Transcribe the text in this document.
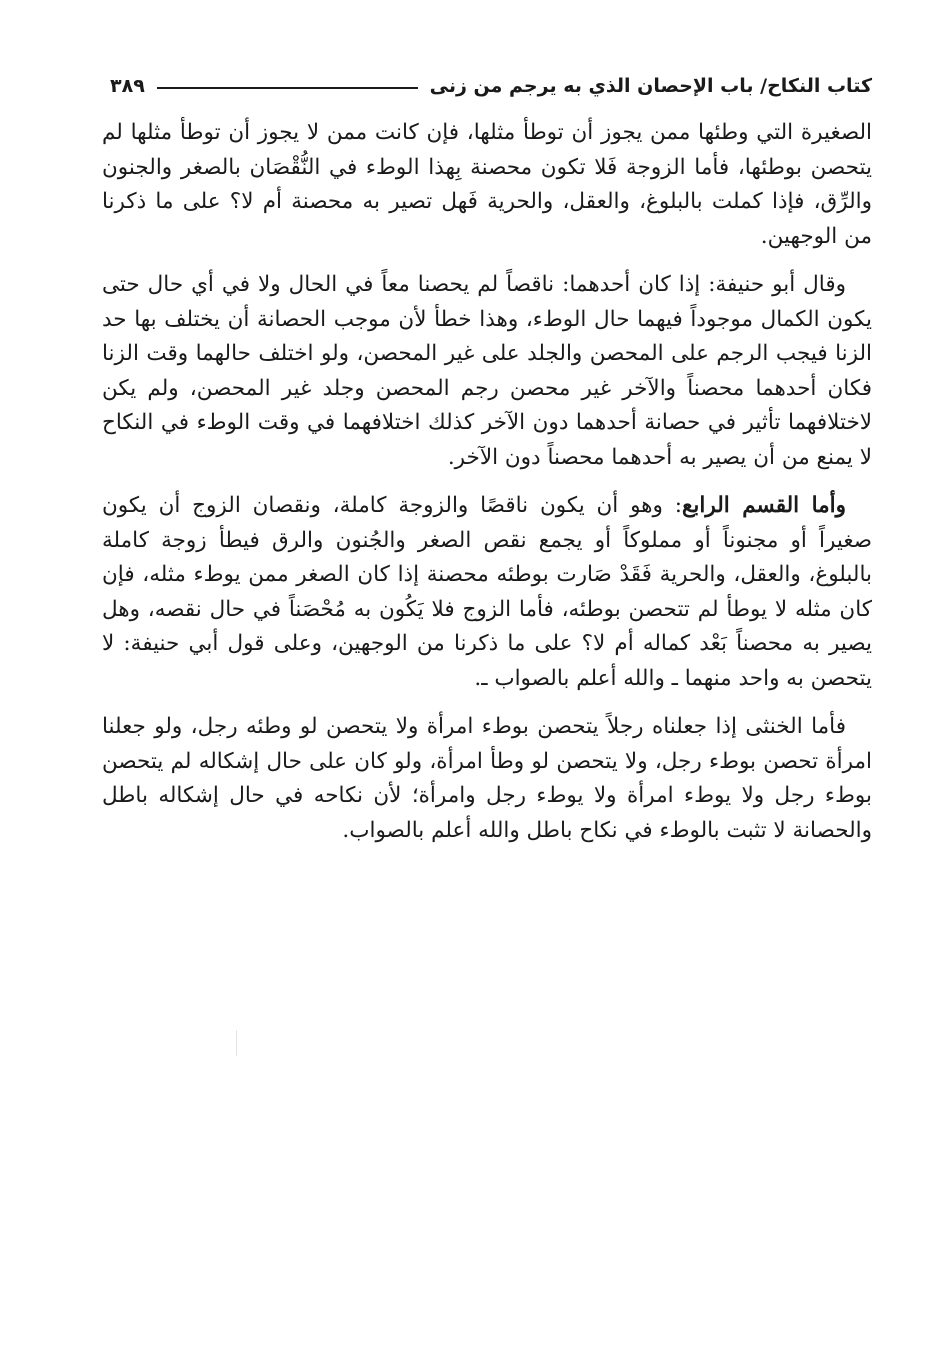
كتاب النكاح/ باب الإحصان الذي به يرجم من زنى
٣٨٩

الصغيرة التي وطئها ممن يجوز أن توطأ مثلها، فإن كانت ممن لا يجوز أن توطأ مثلها لم يتحصن بوطئها، فأما الزوجة فَلا تكون محصنة بِهذا الوطء في النُّقْصَان بالصغر والجنون والرِّق، فإذا كملت بالبلوغ، والعقل، والحرية فَهل تصير به محصنة أم لا؟ على ما ذكرنا من الوجهين.

وقال أبو حنيفة: إذا كان أحدهما: ناقصاً لم يحصنا معاً في الحال ولا في أي حال حتى يكون الكمال موجوداً فيهما حال الوطء، وهذا خطأ لأن موجب الحصانة أن يختلف بها حد الزنا فيجب الرجم على المحصن والجلد على غير المحصن، ولو اختلف حالهما وقت الزنا فكان أحدهما محصناً والآخر غير محصن رجم المحصن وجلد غير المحصن، ولم يكن لاختلافهما تأثير في حصانة أحدهما دون الآخر كذلك اختلافهما في وقت الوطء في النكاح لا يمنع من أن يصير به أحدهما محصناً دون الآخر.

وأما القسم الرابع: وهو أن يكون ناقصًا والزوجة كاملة، ونقصان الزوج أن يكون صغيراً أو مجنوناً أو مملوكاً أو يجمع نقص الصغر والجُنون والرق فيطأ زوجة كاملة بالبلوغ، والعقل، والحرية فَقَدْ صَارت بوطئه محصنة إذا كان الصغر ممن يوطء مثله، فإن كان مثله لا يوطأ لم تتحصن بوطئه، فأما الزوج فلا يَكُون به مُحْصَناً في حال نقصه، وهل يصير به محصناً بَعْد كماله أم لا؟ على ما ذكرنا من الوجهين، وعلى قول أبي حنيفة: لا يتحصن به واحد منهما ـ والله أعلم بالصواب ـ.

فأما الخنثى إذا جعلناه رجلاً يتحصن بوطء امرأة ولا يتحصن لو وطئه رجل، ولو جعلنا امرأة تحصن بوطء رجل، ولا يتحصن لو وطأ امرأة، ولو كان على حال إشكاله لم يتحصن بوطء رجل ولا يوطء امرأة ولا يوطء رجل وامرأة؛ لأن نكاحه في حال إشكاله باطل والحصانة لا تثبت بالوطء في نكاح باطل والله أعلم بالصواب.
